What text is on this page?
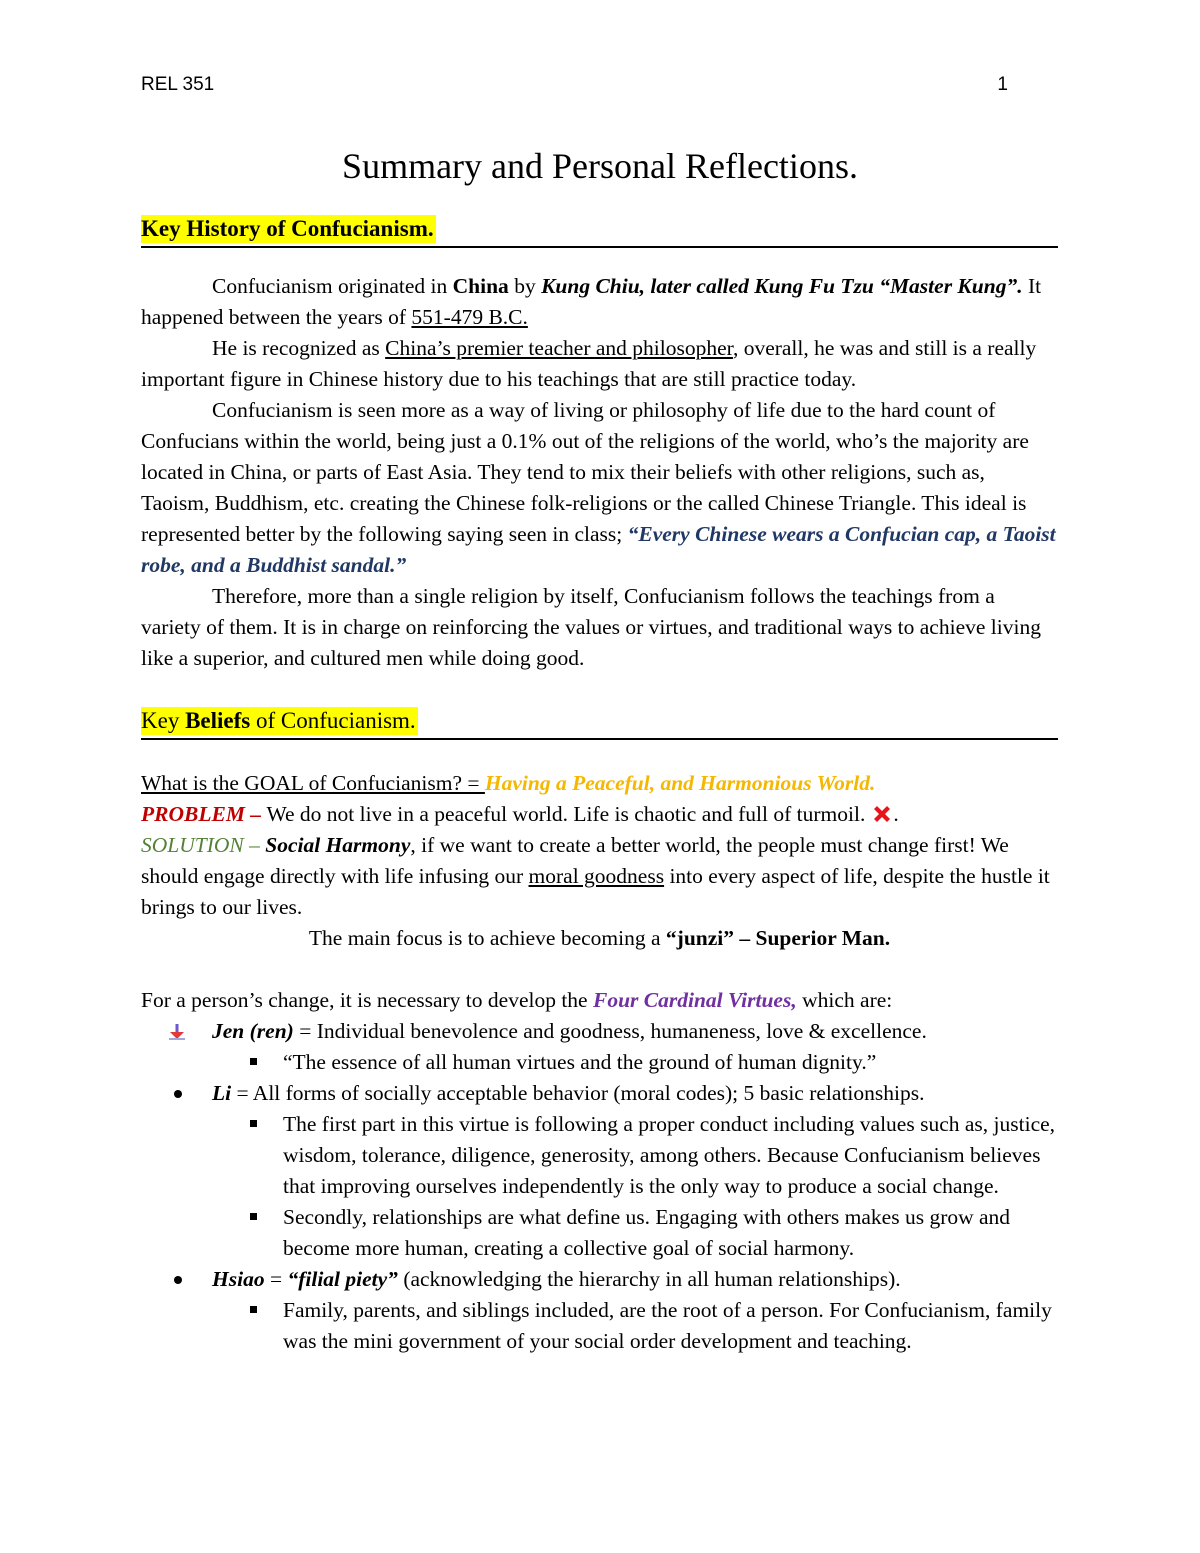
REL 351	1
Summary and Personal Reflections.
Key History of Confucianism.

Confucianism originated in China by Kung Chiu, later called Kung Fu Tzu “Master Kung”. It happened between the years of 551-479 B.C.

He is recognized as China’s premier teacher and philosopher, overall, he was and still is a really important figure in Chinese history due to his teachings that are still practice today.

Confucianism is seen more as a way of living or philosophy of life due to the hard count of Confucians within the world, being just a 0.1% out of the religions of the world, who’s the majority are located in China, or parts of East Asia. They tend to mix their beliefs with other religions, such as, Taoism, Buddhism, etc. creating the Chinese folk-religions or the called Chinese Triangle. This ideal is represented better by the following saying seen in class; “Every Chinese wears a Confucian cap, a Taoist robe, and a Buddhist sandal.”

Therefore, more than a single religion by itself, Confucianism follows the teachings from a variety of them. It is in charge on reinforcing the values or virtues, and traditional ways to achieve living like a superior, and cultured men while doing good.

Key Beliefs of Confucianism.

What is the GOAL of Confucianism? = Having a Peaceful, and Harmonious World.

PROBLEM – We do not live in a peaceful world. Life is chaotic and full of turmoil. .

SOLUTION – Social Harmony, if we want to create a better world, the people must change first! We should engage directly with life infusing our moral goodness into every aspect of life, despite the hustle it brings to our lives.

The main focus is to achieve becoming a “junzi” – Superior Man.

For a person’s change, it is necessary to develop the Four Cardinal Virtues, which are:

Jen (ren) = Individual benevolence and goodness, humaneness, love & excellence.
“The essence of all human virtues and the ground of human dignity.”
Li = All forms of socially acceptable behavior (moral codes); 5 basic relationships.
The first part in this virtue is following a proper conduct including values such as, justice, wisdom, tolerance, diligence, generosity, among others. Because Confucianism believes that improving ourselves independently is the only way to produce a social change.
Secondly, relationships are what define us. Engaging with others makes us grow and become more human, creating a collective goal of social harmony.
Hsiao = “filial piety” (acknowledging the hierarchy in all human relationships).
Family, parents, and siblings included, are the root of a person. For Confucianism, family was the mini government of your social order development and teaching.
